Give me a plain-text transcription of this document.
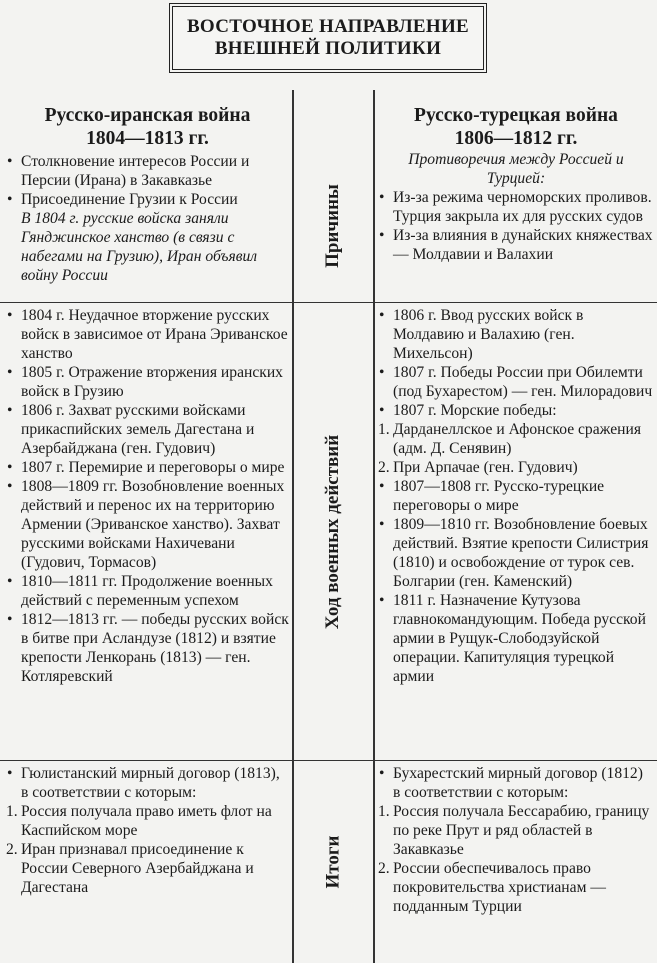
ВОСТОЧНОЕ НАПРАВЛЕНИЕ
ВНЕШНЕЙ ПОЛИТИКИ
Причины
Ход военных действий
Итоги
Русско-иранская война
1804—1813 гг.

• Столкновение интересов России и Персии (Ирана) в Закавказье

• Присоединение Грузии к России

В 1804 г. русские войска заняли Гянджинское ханство (в связи с набегами на Грузию), Иран объявил войну России

• 1804 г. Неудачное вторжение русских войск в зависимое от Ирана Эриванское ханство

• 1805 г. Отражение вторжения иранских войск в Грузию

• 1806 г. Захват русскими войсками прикаспийских земель Дагестана и Азербайджана (ген. Гудович)

• 1807 г. Перемирие и переговоры о мире

• 1808—1809 гг. Возобновление военных действий и перенос их на территорию Армении (Эриванское ханство). Захват русскими войсками Нахичевани (Гудович, Тормасов)

• 1810—1811 гг. Продолжение военных действий с переменным успехом

• 1812—1813 гг. — победы русских войск в битве при Асландузе (1812) и взятие крепости Ленкорань (1813) — ген. Котляревский

• Гюлистанский мирный договор (1813), в соответствии с которым:

1. Россия получала право иметь флот на Каспийском море

2. Иран признавал присоединение к России Северного Азербайджана и Дагестана

Русско-турецкая война
1806—1812 гг.
Противоречия между Россией и Турцией:

• Из-за режима черноморских проливов. Турция закрыла их для русских судов

• Из-за влияния в дунайских княжествах — Молдавии и Валахии

• 1806 г. Ввод русских войск в Молдавию и Валахию (ген. Михельсон)

• 1807 г. Победы России при Обилемти (под Бухарестом) — ген. Милорадович

• 1807 г. Морские победы:

1. Дарданеллское и Афонское сражения (адм. Д. Сенявин)

2. При Арпачае (ген. Гудович)

• 1807—1808 гг. Русско-турецкие переговоры о мире

• 1809—1810 гг. Возобновление боевых действий. Взятие крепости Силистрия (1810) и освобождение от турок сев. Болгарии (ген. Каменский)

• 1811 г. Назначение Кутузова главнокомандующим. Победа русской армии в Рущук-Слободзуйской операции. Капитуляция турецкой армии

• Бухарестский мирный договор (1812) в соответствии с которым:

1. Россия получала Бессарабию, границу по реке Прут и ряд областей в Закавказье

2. России обеспечивалось право покровительства христианам — подданным Турции
